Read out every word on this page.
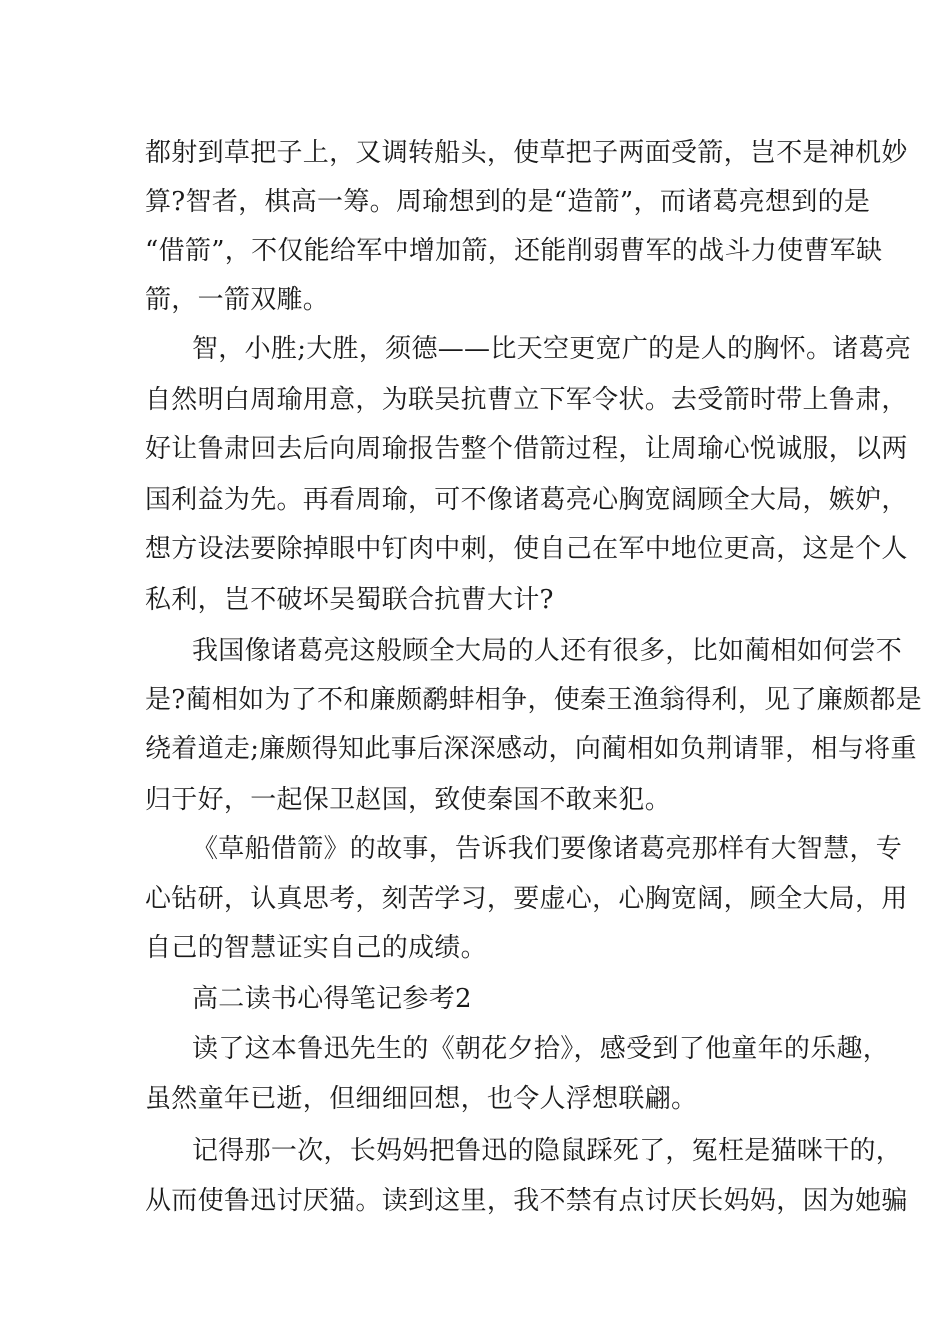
都射到草把子上，又调转船头，使草把子两面受箭，岂不是神机妙
算?智者，棋高一筹。周瑜想到的是“造箭”，而诸葛亮想到的是
“借箭”，不仅能给军中增加箭，还能削弱曹军的战斗力使曹军缺
箭，一箭双雕。
智，小胜;大胜，须德——比天空更宽广的是人的胸怀。诸葛亮
自然明白周瑜用意，为联吴抗曹立下军令状。去受箭时带上鲁肃，
好让鲁肃回去后向周瑜报告整个借箭过程，让周瑜心悦诚服，以两
国利益为先。再看周瑜，可不像诸葛亮心胸宽阔顾全大局，嫉妒，
想方设法要除掉眼中钉肉中刺，使自己在军中地位更高，这是个人
私利，岂不破坏吴蜀联合抗曹大计?
我国像诸葛亮这般顾全大局的人还有很多，比如蔺相如何尝不
是?蔺相如为了不和廉颇鹬蚌相争，使秦王渔翁得利，见了廉颇都是
绕着道走;廉颇得知此事后深深感动，向蔺相如负荆请罪，相与将重
归于好，一起保卫赵国，致使秦国不敢来犯。
《草船借箭》的故事，告诉我们要像诸葛亮那样有大智慧，专
心钻研，认真思考，刻苦学习，要虚心，心胸宽阔，顾全大局，用
自己的智慧证实自己的成绩。
高二读书心得笔记参考2
读了这本鲁迅先生的《朝花夕拾》，感受到了他童年的乐趣，
虽然童年已逝，但细细回想，也令人浮想联翩。
记得那一次，长妈妈把鲁迅的隐鼠踩死了，冤枉是猫咪干的，
从而使鲁迅讨厌猫。读到这里，我不禁有点讨厌长妈妈，因为她骗
